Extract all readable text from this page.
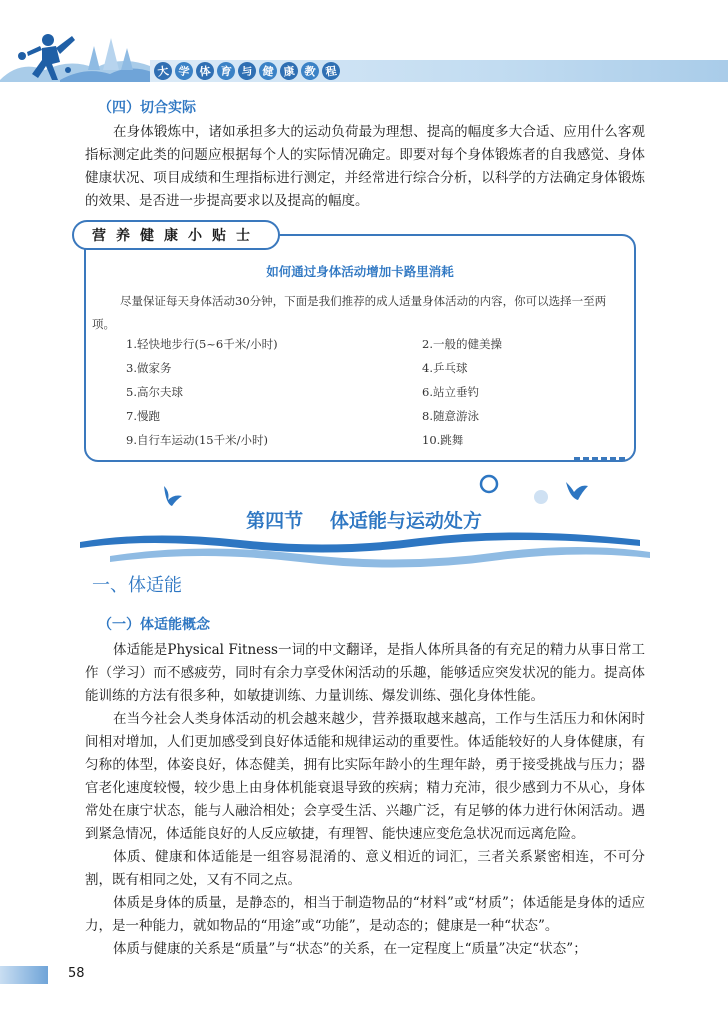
大 学 体 育 与 健 康 教 程
（四）切合实际

在身体锻炼中，诸如承担多大的运动负荷最为理想、提高的幅度多大合适、应用什么客观指标测定此类的问题应根据每个人的实际情况确定。即要对每个身体锻炼者的自我感觉、身体健康状况、项目成绩和生理指标进行测定，并经常进行综合分析，以科学的方法确定身体锻炼的效果、是否进一步提高要求以及提高的幅度。

营养健康小贴士
如何通过身体活动增加卡路里消耗

尽量保证每天身体活动30分钟，下面是我们推荐的成人适量身体活动的内容，你可以选择一至两项。

1.轻快地步行(5~6千米/小时)	2.一般的健美操
3.做家务	4.乒乓球
5.高尔夫球	6.站立垂钓
7.慢跑	8.随意游泳
9.自行车运动(15千米/小时)	10.跳舞
第四节 体适能与运动处方
一、体适能
（一）体适能概念

体适能是Physical Fitness一词的中文翻译，是指人体所具备的有充足的精力从事日常工作（学习）而不感疲劳，同时有余力享受休闲活动的乐趣，能够适应突发状况的能力。提高体能训练的方法有很多种，如敏捷训练、力量训练、爆发训练、强化身体性能。

在当今社会人类身体活动的机会越来越少，营养摄取越来越高，工作与生活压力和休闲时间相对增加，人们更加感受到良好体适能和规律运动的重要性。体适能较好的人身体健康，有匀称的体型，体姿良好，体态健美，拥有比实际年龄小的生理年龄，勇于接受挑战与压力；器官老化速度较慢，较少患上由身体机能衰退导致的疾病；精力充沛，很少感到力不从心，身体常处在康宁状态，能与人融洽相处；会享受生活、兴趣广泛，有足够的体力进行休闲活动。遇到紧急情况，体适能良好的人反应敏捷，有理智、能快速应变危急状况而远离危险。

体质、健康和体适能是一组容易混淆的、意义相近的词汇，三者关系紧密相连，不可分割，既有相同之处，又有不同之点。

体质是身体的质量，是静态的，相当于制造物品的“材料”或“材质”；体适能是身体的适应力，是一种能力，就如物品的“用途”或“功能”，是动态的；健康是一种“状态”。

体质与健康的关系是“质量”与“状态”的关系，在一定程度上“质量”决定“状态”；

58
